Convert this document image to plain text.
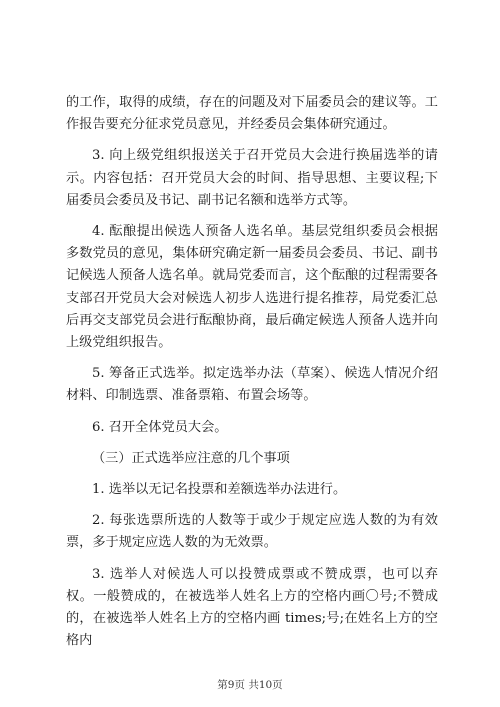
的工作，取得的成绩，存在的问题及对下届委员会的建议等。工作报告要充分征求党员意见，并经委员会集体研究通过。

3. 向上级党组织报送关于召开党员大会进行换届选举的请示。内容包括：召开党员大会的时间、指导思想、主要议程;下届委员会委员及书记、副书记名额和选举方式等。

4. 酝酿提出候选人预备人选名单。基层党组织委员会根据多数党员的意见，集体研究确定新一届委员会委员、书记、副书记候选人预备人选名单。就局党委而言，这个酝酿的过程需要各支部召开党员大会对候选人初步人选进行提名推荐，局党委汇总后再交支部党员会进行酝酿协商，最后确定候选人预备人选并向上级党组织报告。

5. 筹备正式选举。拟定选举办法（草案）、候选人情况介绍材料、印制选票、准备票箱、布置会场等。

6. 召开全体党员大会。

（三）正式选举应注意的几个事项

1. 选举以无记名投票和差额选举办法进行。

2. 每张选票所选的人数等于或少于规定应选人数的为有效票，多于规定应选人数的为无效票。

3. 选举人对候选人可以投赞成票或不赞成票，也可以弃权。一般赞成的，在被选举人姓名上方的空格内画〇号;不赞成的，在被选举人姓名上方的空格内画 times;号;在姓名上方的空格内

第9页 共10页
